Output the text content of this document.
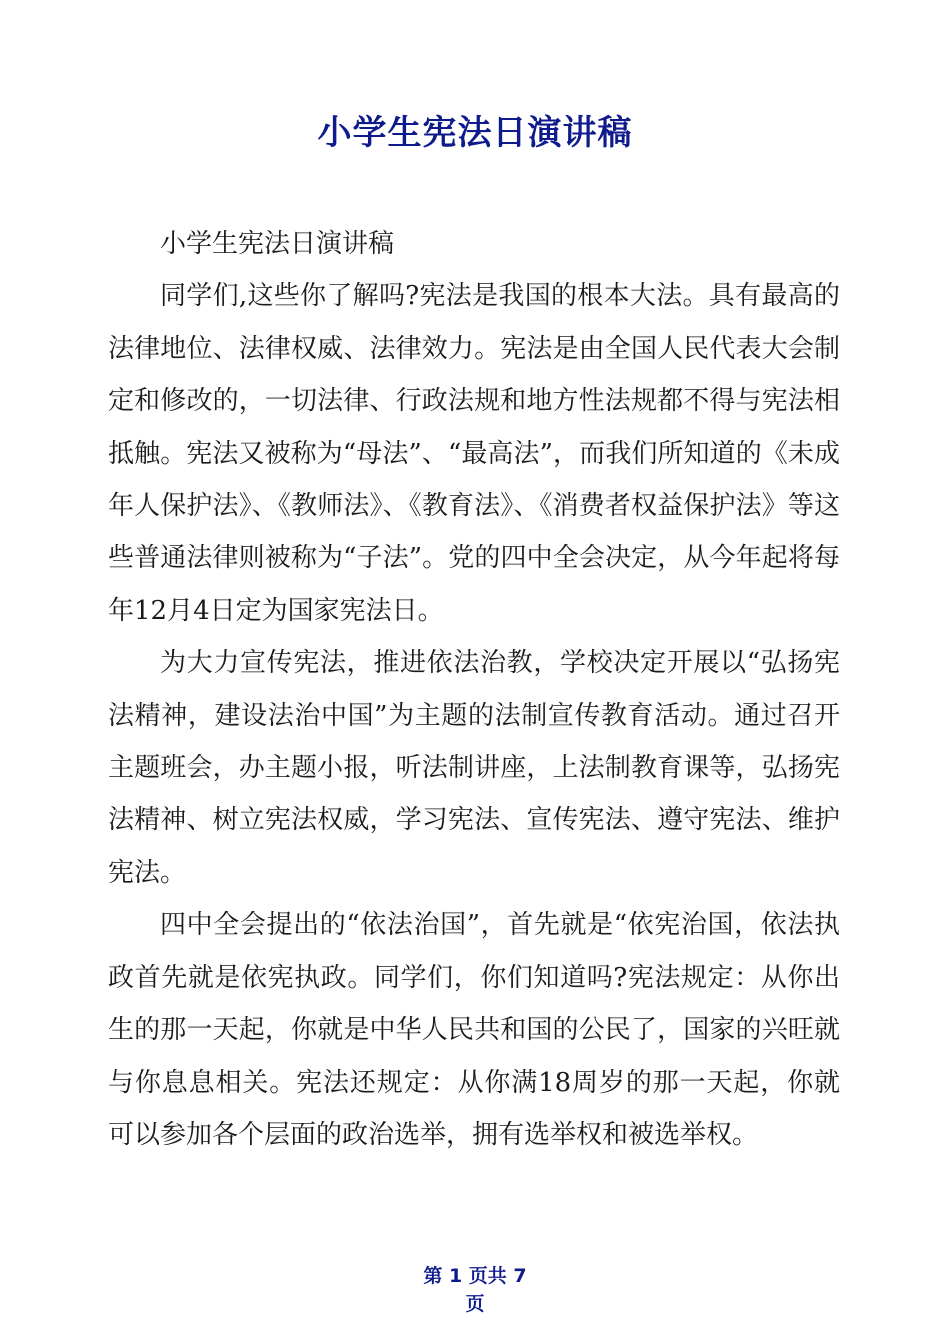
小学生宪法日演讲稿

小学生宪法日演讲稿

同学们,这些你了解吗?宪法是我国的根本大法。具有最高的法律地位、法律权威、法律效力。宪法是由全国人民代表大会制定和修改的，一切法律、行政法规和地方性法规都不得与宪法相抵触。宪法又被称为“母法”、“最高法”，而我们所知道的《未成年人保护法》、《教师法》、《教育法》、《消费者权益保护法》等这些普通法律则被称为“子法”。党的四中全会决定，从今年起将每年12月4日定为国家宪法日。

为大力宣传宪法，推进依法治教，学校决定开展以“弘扬宪法精神，建设法治中国”为主题的法制宣传教育活动。通过召开主题班会，办主题小报，听法制讲座，上法制教育课等，弘扬宪法精神、树立宪法权威，学习宪法、宣传宪法、遵守宪法、维护宪法。

四中全会提出的“依法治国”，首先就是“依宪治国，依法执政首先就是依宪执政。同学们，你们知道吗?宪法规定：从你出生的那一天起，你就是中华人民共和国的公民了，国家的兴旺就与你息息相关。宪法还规定：从你满18周岁的那一天起，你就可以参加各个层面的政治选举，拥有选举权和被选举权。

第 1 页共 7
页
